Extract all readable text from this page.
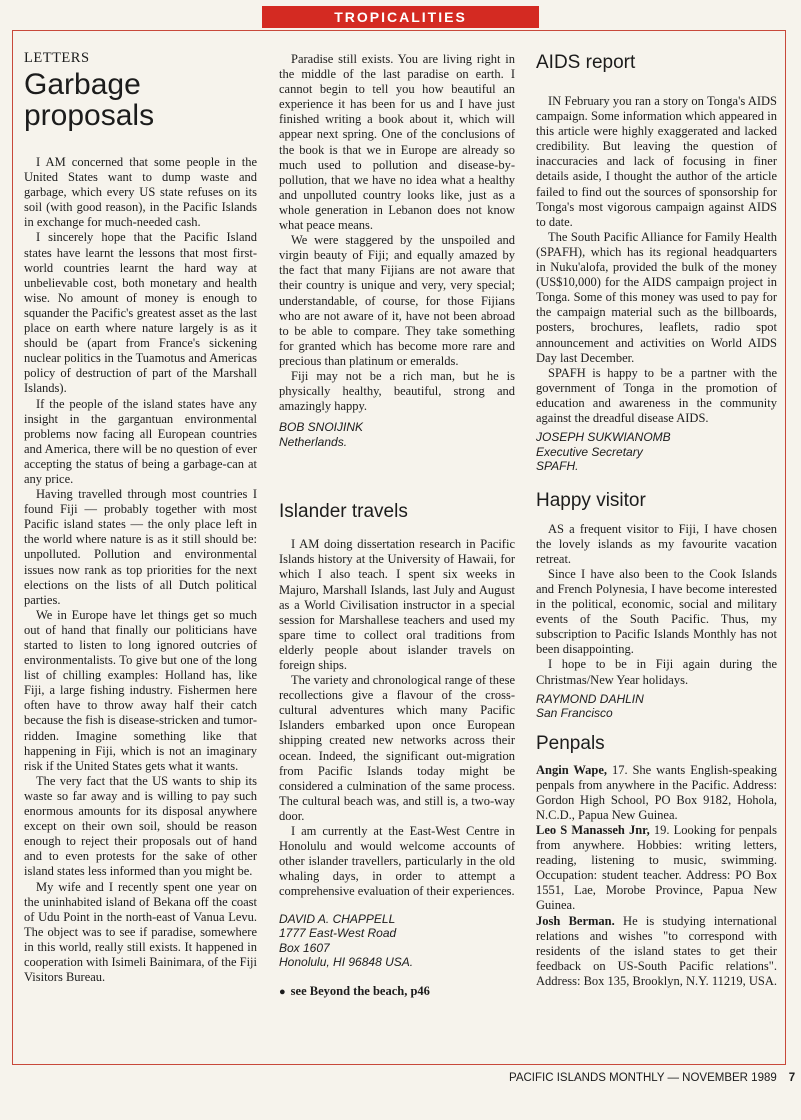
TROPICALITIES
LETTERS
Garbage proposals

I AM concerned that some people in the United States want to dump waste and garbage, which every US state refuses on its soil (with good reason), in the Pacific Islands in exchange for much-needed cash.

I sincerely hope that the Pacific Island states have learnt the lessons that most first-world countries learnt the hard way at unbelievable cost, both monetary and health wise. No amount of money is enough to squander the Pacific's greatest asset as the last place on earth where nature largely is as it should be (apart from France's sickening nuclear politics in the Tuamotus and Americas policy of destruction of part of the Marshall Islands).

If the people of the island states have any insight in the gargantuan environmental problems now facing all European countries and America, there will be no question of ever accepting the status of being a garbage-can at any price.

Having travelled through most countries I found Fiji — probably together with most Pacific island states — the only place left in the world where nature is as it still should be: unpolluted. Pollution and environmental issues now rank as top priorities for the next elections on the lists of all Dutch political parties.

We in Europe have let things get so much out of hand that finally our politicians have started to listen to long ignored outcries of environmentalists. To give but one of the long list of chilling examples: Holland has, like Fiji, a large fishing industry. Fishermen here often have to throw away half their catch because the fish is disease-stricken and tumor-ridden. Imagine something like that happening in Fiji, which is not an imaginary risk if the United States gets what it wants.

The very fact that the US wants to ship its waste so far away and is willing to pay such enormous amounts for its disposal anywhere except on their own soil, should be reason enough to reject their proposals out of hand and to even protests for the sake of other island states less informed than you might be.

My wife and I recently spent one year on the uninhabited island of Bekana off the coast of Udu Point in the north-east of Vanua Levu. The object was to see if paradise, somewhere in this world, really still exists. It happened in cooperation with Isimeli Bainimara, of the Fiji Visitors Bureau.

Paradise still exists. You are living right in the middle of the last paradise on earth. I cannot begin to tell you how beautiful an experience it has been for us and I have just finished writing a book about it, which will appear next spring. One of the conclusions of the book is that we in Europe are already so much used to pollution and disease-by-pollution, that we have no idea what a healthy and unpolluted country looks like, just as a whole generation in Lebanon does not know what peace means.

We were staggered by the unspoiled and virgin beauty of Fiji; and equally amazed by the fact that many Fijians are not aware that their country is unique and very, very special; understandable, of course, for those Fijians who are not aware of it, have not been abroad to be able to compare. They take something for granted which has become more rare and precious than platinum or emeralds.

Fiji may not be a rich man, but he is physically healthy, beautiful, strong and amazingly happy.

BOB SNOIJINK
Netherlands.
Islander travels

I AM doing dissertation research in Pacific Islands history at the University of Hawaii, for which I also teach. I spent six weeks in Majuro, Marshall Islands, last July and August as a World Civilisation instructor in a special session for Marshallese teachers and used my spare time to collect oral traditions from elderly people about islander travels on foreign ships.

The variety and chronological range of these recollections give a flavour of the cross-cultural adventures which many Pacific Islanders embarked upon once European shipping created new networks across their ocean. Indeed, the significant out-migration from Pacific Islands today might be considered a culmination of the same process. The cultural beach was, and still is, a two-way door.

I am currently at the East-West Centre in Honolulu and would welcome accounts of other islander travellers, particularly in the old whaling days, in order to attempt a comprehensive evaluation of their experiences.

DAVID A. CHAPPELL
1777 East-West Road
Box 1607
Honolulu, HI 96848 USA.
● see Beyond the beach, p46
AIDS report

IN February you ran a story on Tonga's AIDS campaign. Some information which appeared in this article were highly exaggerated and lacked credibility. But leaving the question of inaccuracies and lack of focusing in finer details aside, I thought the author of the article failed to find out the sources of sponsorship for Tonga's most vigorous campaign against AIDS to date.

The South Pacific Alliance for Family Health (SPAFH), which has its regional headquarters in Nuku'alofa, provided the bulk of the money (US$10,000) for the AIDS campaign project in Tonga. Some of this money was used to pay for the campaign material such as the billboards, posters, brochures, leaflets, radio spot announcement and activities on World AIDS Day last December.

SPAFH is happy to be a partner with the government of Tonga in the promotion of education and awareness in the community against the dreadful disease AIDS.

JOSEPH SUKWIANOMB
Executive Secretary
SPAFH.
Happy visitor

AS a frequent visitor to Fiji, I have chosen the lovely islands as my favourite vacation retreat.

Since I have also been to the Cook Islands and French Polynesia, I have become interested in the political, economic, social and military events of the South Pacific. Thus, my subscription to Pacific Islands Monthly has not been disappointing.

I hope to be in Fiji again during the Christmas/New Year holidays.

RAYMOND DAHLIN
San Francisco
Penpals

Angin Wape, 17. She wants English-speaking penpals from anywhere in the Pacific. Address: Gordon High School, PO Box 9182, Hohola, N.C.D., Papua New Guinea.

Leo S Manasseh Jnr, 19. Looking for penpals from anywhere. Hobbies: writing letters, reading, listening to music, swimming. Occupation: student teacher. Address: PO Box 1551, Lae, Morobe Province, Papua New Guinea.

Josh Berman. He is studying international relations and wishes "to correspond with residents of the island states to get their feedback on US-South Pacific relations". Address: Box 135, Brooklyn, N.Y. 11219, USA.

PACIFIC ISLANDS MONTHLY — NOVEMBER 1989 7
